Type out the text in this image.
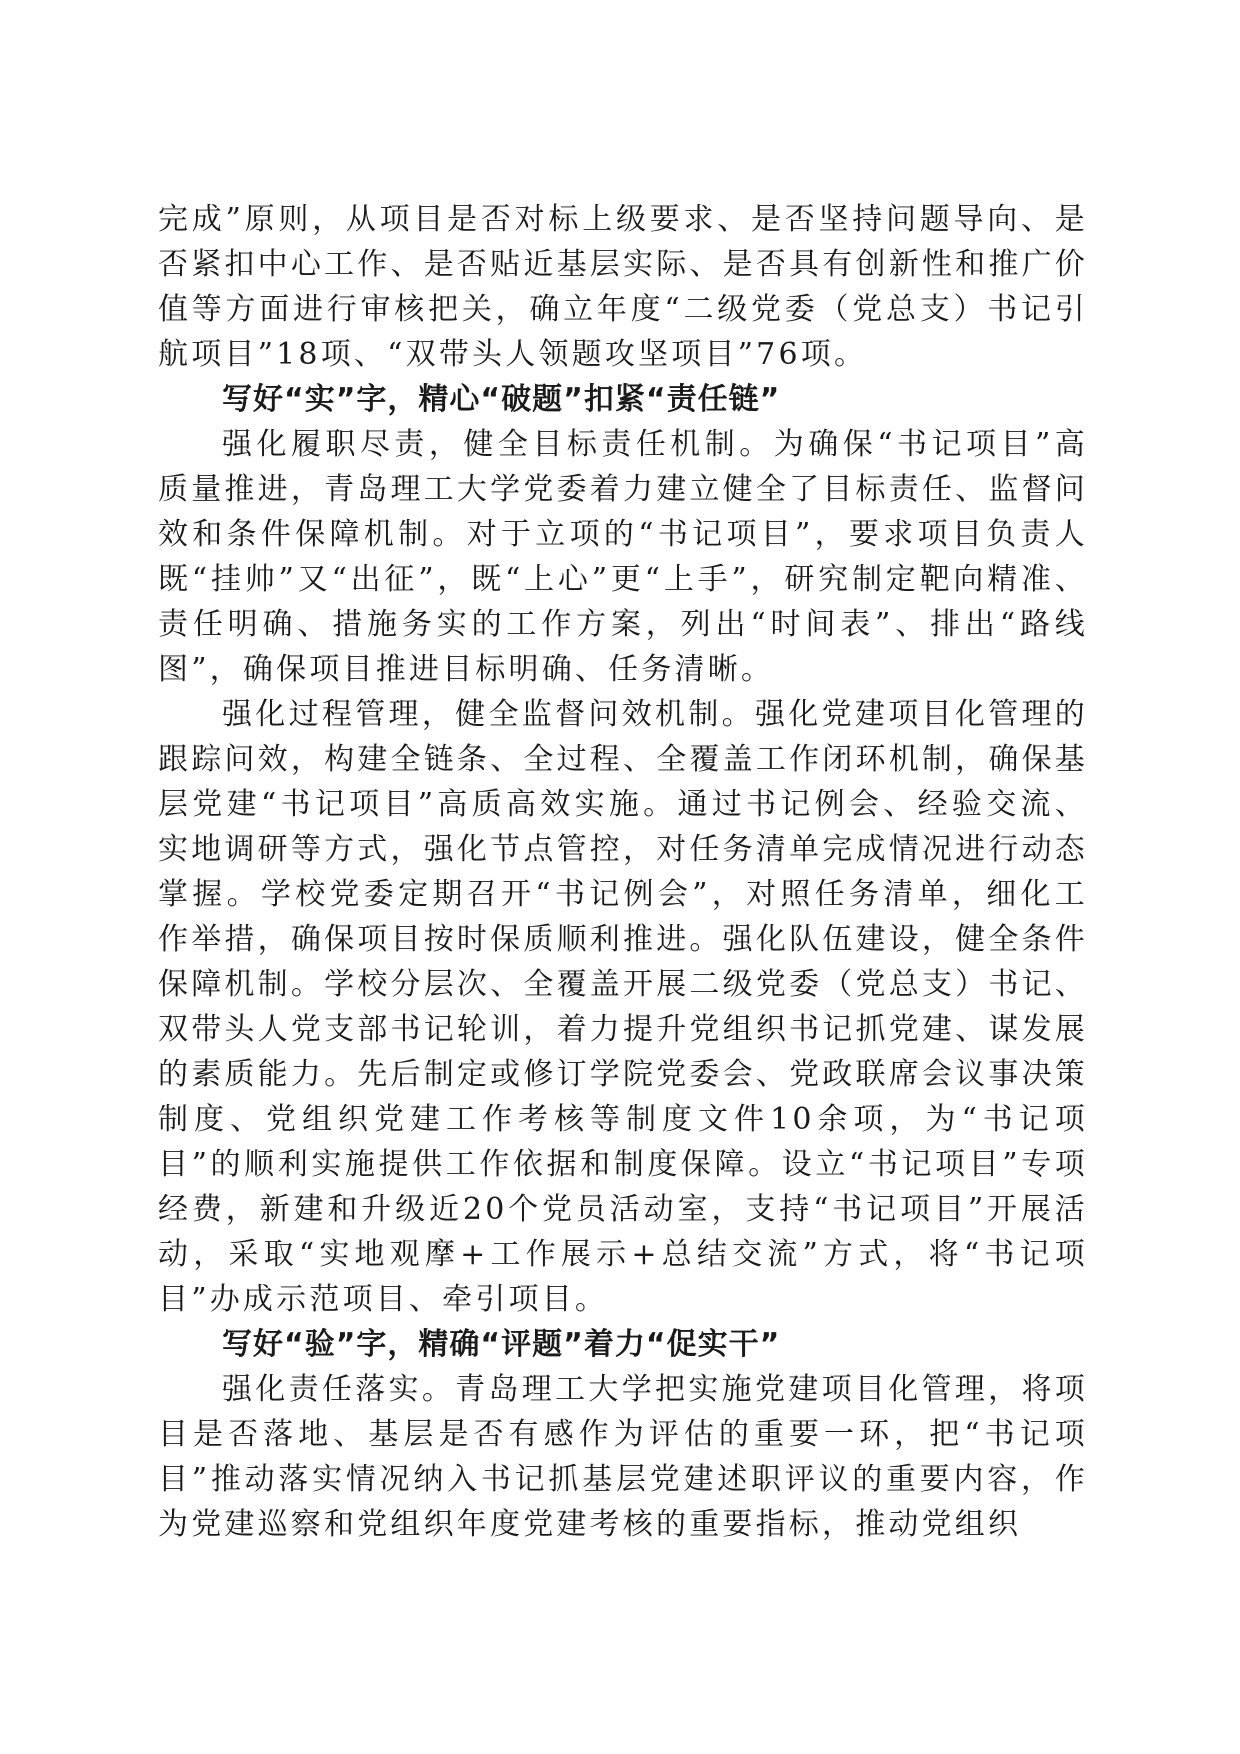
完成”原则，从项目是否对标上级要求、是否坚持问题导向、是否紧扣中心工作、是否贴近基层实际、是否具有创新性和推广价值等方面进行审核把关，确立年度“二级党委（党总支）书记引航项目”18项、“双带头人领题攻坚项目”76项。

写好“实”字，精心“破题”扣紧“责任链”

强化履职尽责，健全目标责任机制。为确保“书记项目”高质量推进，青岛理工大学党委着力建立健全了目标责任、监督问效和条件保障机制。对于立项的“书记项目”，要求项目负责人既“挂帅”又“出征”，既“上心”更“上手”，研究制定靶向精准、责任明确、措施务实的工作方案，列出“时间表”、排出“路线图”，确保项目推进目标明确、任务清晰。

强化过程管理，健全监督问效机制。强化党建项目化管理的跟踪问效，构建全链条、全过程、全覆盖工作闭环机制，确保基层党建“书记项目”高质高效实施。通过书记例会、经验交流、实地调研等方式，强化节点管控，对任务清单完成情况进行动态掌握。学校党委定期召开“书记例会”，对照任务清单，细化工作举措，确保项目按时保质顺利推进。强化队伍建设，健全条件保障机制。学校分层次、全覆盖开展二级党委（党总支）书记、双带头人党支部书记轮训，着力提升党组织书记抓党建、谋发展的素质能力。先后制定或修订学院党委会、党政联席会议事决策制度、党组织党建工作考核等制度文件10余项，为“书记项目”的顺利实施提供工作依据和制度保障。设立“书记项目”专项经费，新建和升级近20个党员活动室，支持“书记项目”开展活动，采取“实地观摩+工作展示+总结交流”方式，将“书记项目”办成示范项目、牵引项目。

写好“验”字，精确“评题”着力“促实干”

强化责任落实。青岛理工大学把实施党建项目化管理，将项目是否落地、基层是否有感作为评估的重要一环，把“书记项目”推动落实情况纳入书记抓基层党建述职评议的重要内容，作为党建巡察和党组织年度党建考核的重要指标，推动党组织
